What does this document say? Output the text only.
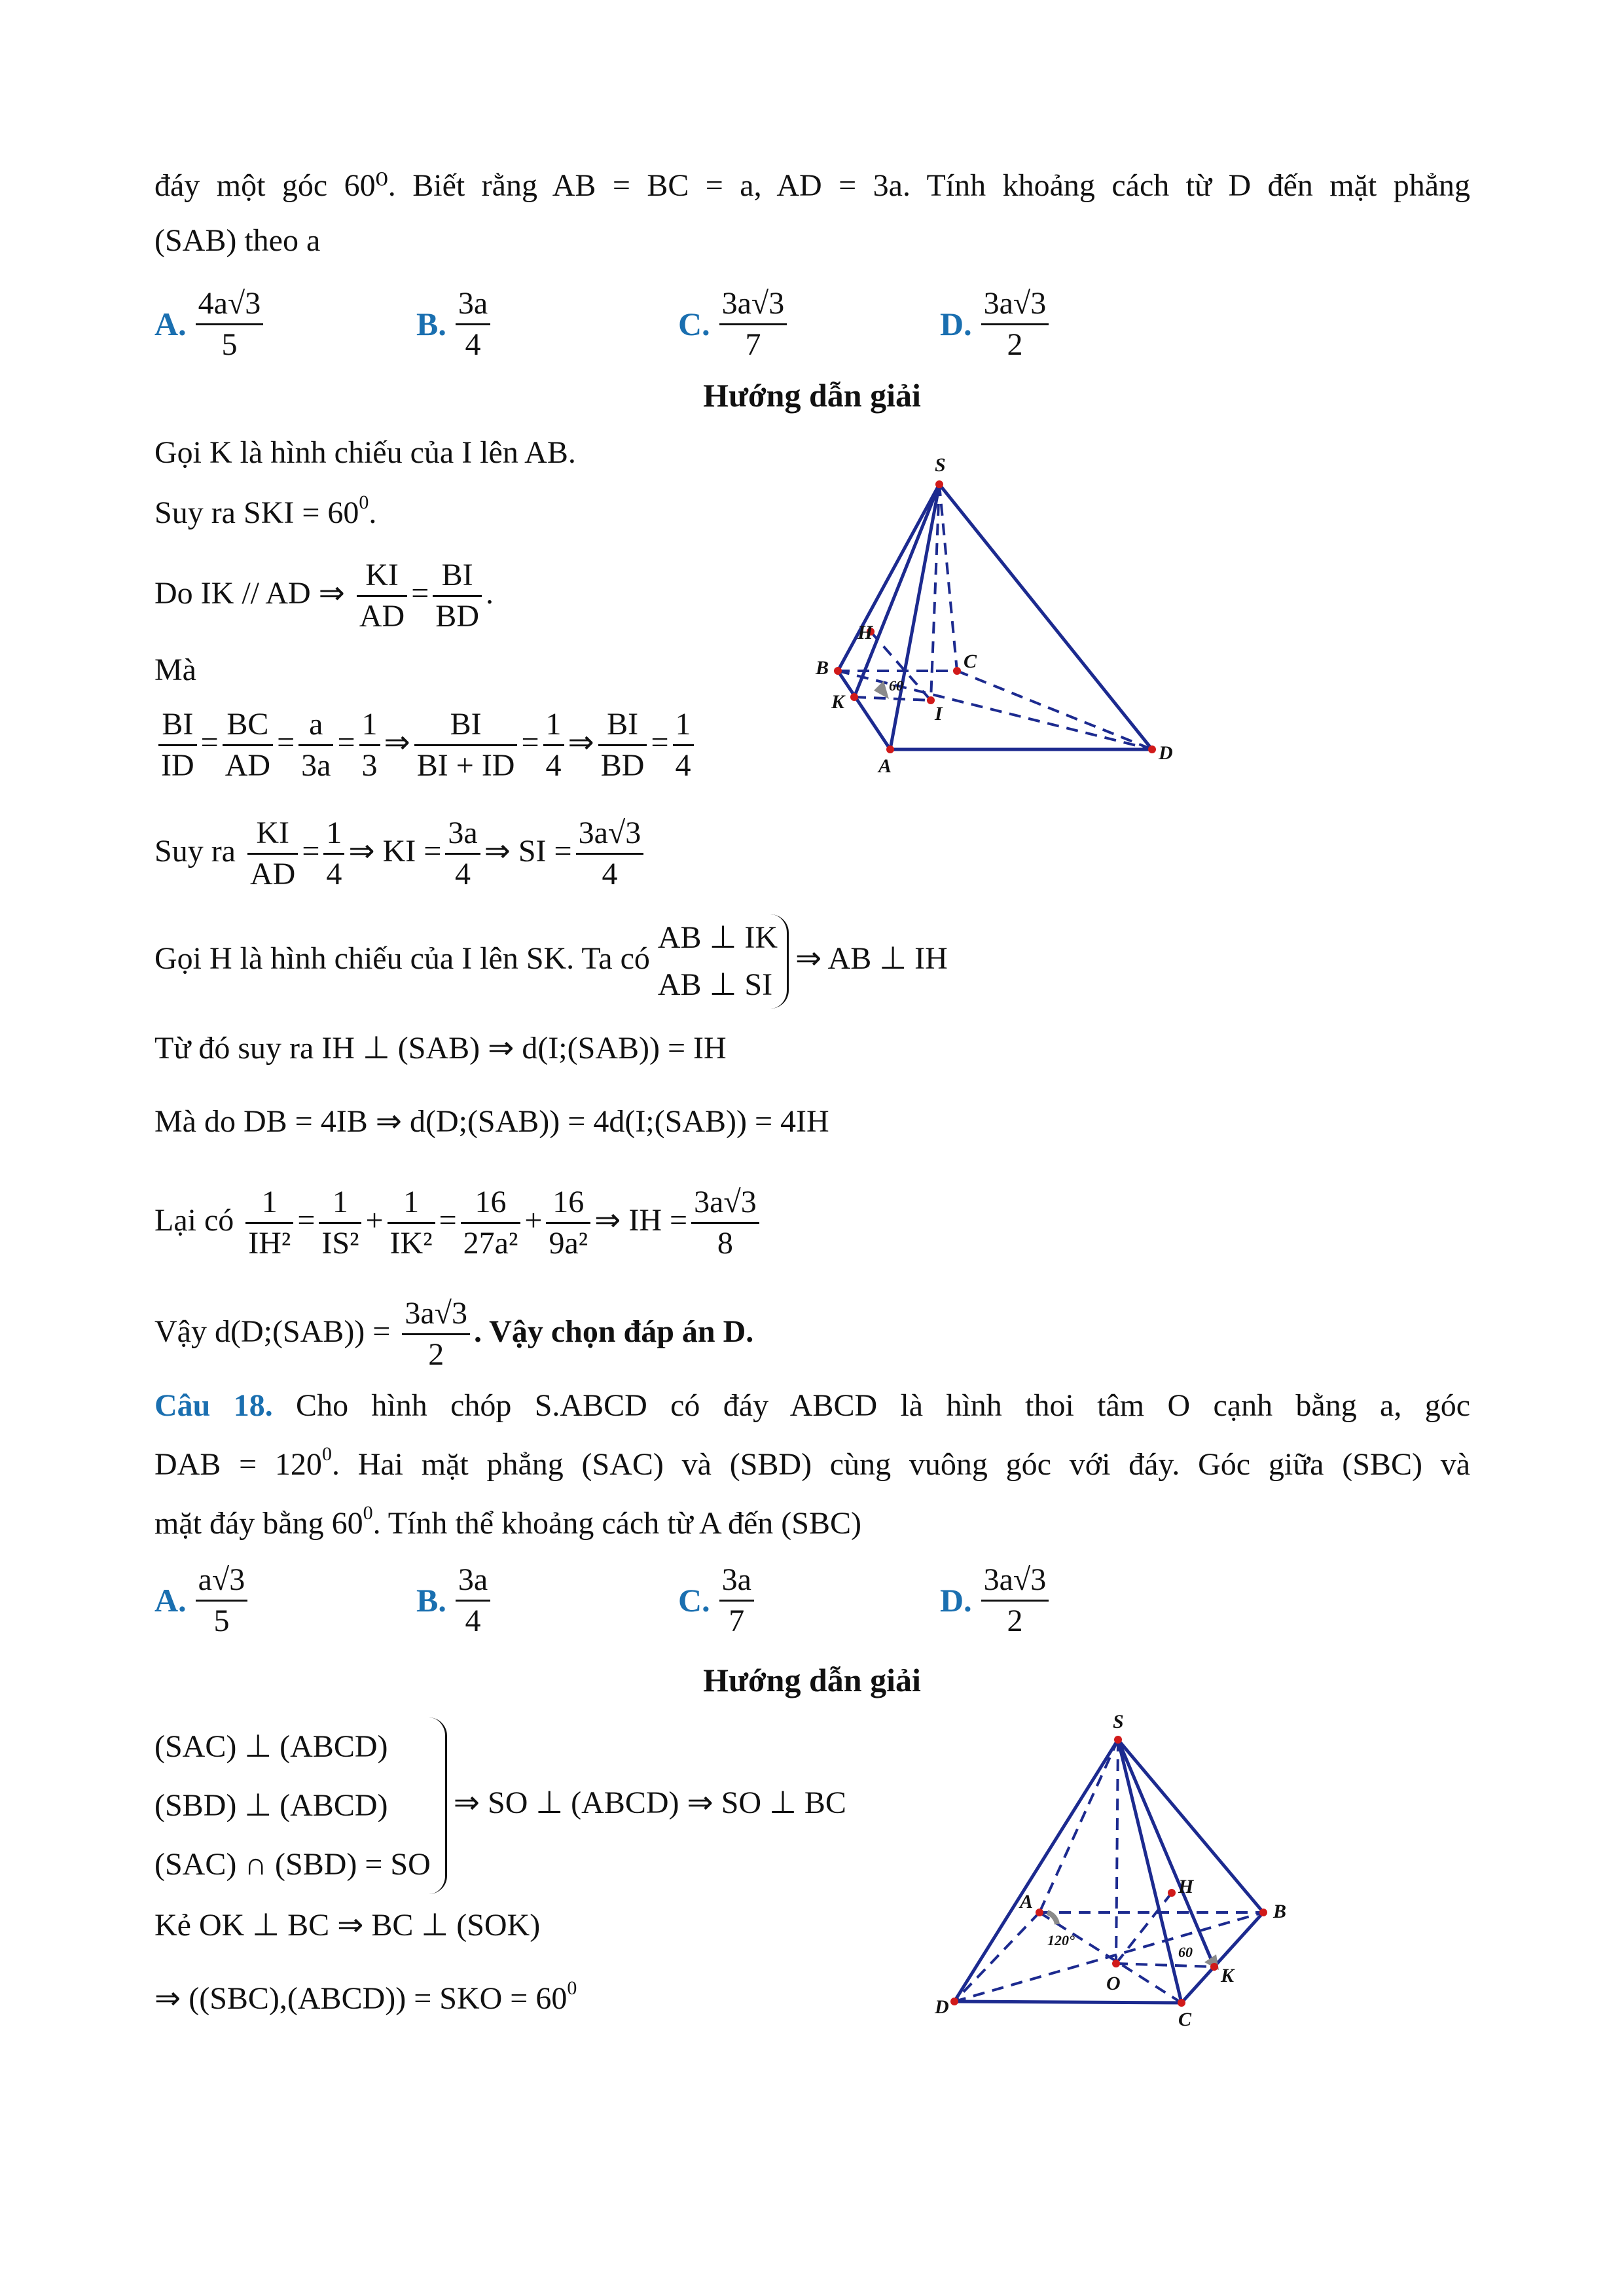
đáy một góc 60⁰. Biết rằng AB = BC = a, AD = 3a. Tính khoảng cách từ D đến mặt phẳng
(SAB) theo a
A. $\frac{4a√3}{5}$	B. $\frac{3a}{4}$	C. $\frac{3a√3}{7}$	D. $\frac{3a√3}{2}$
Hướng dẫn giải
Gọi K là hình chiếu của I lên AB.
Suy ra SKI = $60^0$.
Do IK // AD ⇒ $\frac{KI}{AD} = \frac{BI}{BD}$ .
Mà
$\frac{BI}{ID} = \frac{BC}{AD} = \frac{a}{3a} = \frac{1}{3}$ ⇒ $\frac{BI}{BI + ID} = \frac{1}{4}$ ⇒ $\frac{BI}{BD} = \frac{1}{4}$
Suy ra $\frac{KI}{AD} = \frac{1}{4}$ ⇒ KI = $\frac{3a}{4}$ ⇒ SI = $\frac{3a√3}{4}$
Gọi H là hình chiếu của I lên SK. Ta có
AB ⊥ IK
AB ⊥ SI
⇒ AB ⊥ IH
Từ đó suy ra IH ⊥ (SAB) ⇒ d(I;(SAB)) = IH
Mà do DB = 4IB ⇒ d(D;(SAB)) = 4d(I;(SAB)) = 4IH
Lại có $\frac{1}{\text{IH²}} = \frac{1}{\text{IS²}} + \frac{1}{\text{IK²}} = \frac{16}{\text{27a²}} + \frac{16}{\text{9a²}}$ ⇒ IH = $\frac{3a√3}{8}$
Vậy d(D;(SAB)) = $\frac{3a√3}{2}$ . Vậy chọn đáp án D.
S
H
B	C
60
K
I
A
D
Câu 18. Cho hình chóp S.ABCD có đáy ABCD là hình thoi tâm O cạnh bằng a, góc
DAB = $120^0$. Hai mặt phẳng (SAC) và (SBD) cùng vuông góc với đáy. Góc giữa (SBC) và
mặt đáy bằng $60^0$. Tính thể khoảng cách từ A đến (SBC)
A. $\frac{a√3}{5}$	B. $\frac{3a}{4}$	C. $\frac{3a}{7}$	D. $\frac{3a√3}{2}$
Hướng dẫn giải
(SAC) ⊥ (ABCD)
(SBD) ⊥ (ABCD)
(SAC) ∩ (SBD) = SO
⇒ SO ⊥ (ABCD) ⇒ SO ⊥ BC
Kẻ OK ⊥ BC ⇒ BC ⊥ (SOK)
⇒ ((SBC),(ABCD)) = SKO = $60^0$
S
A
H
B
120°
O
60
K
D
C
